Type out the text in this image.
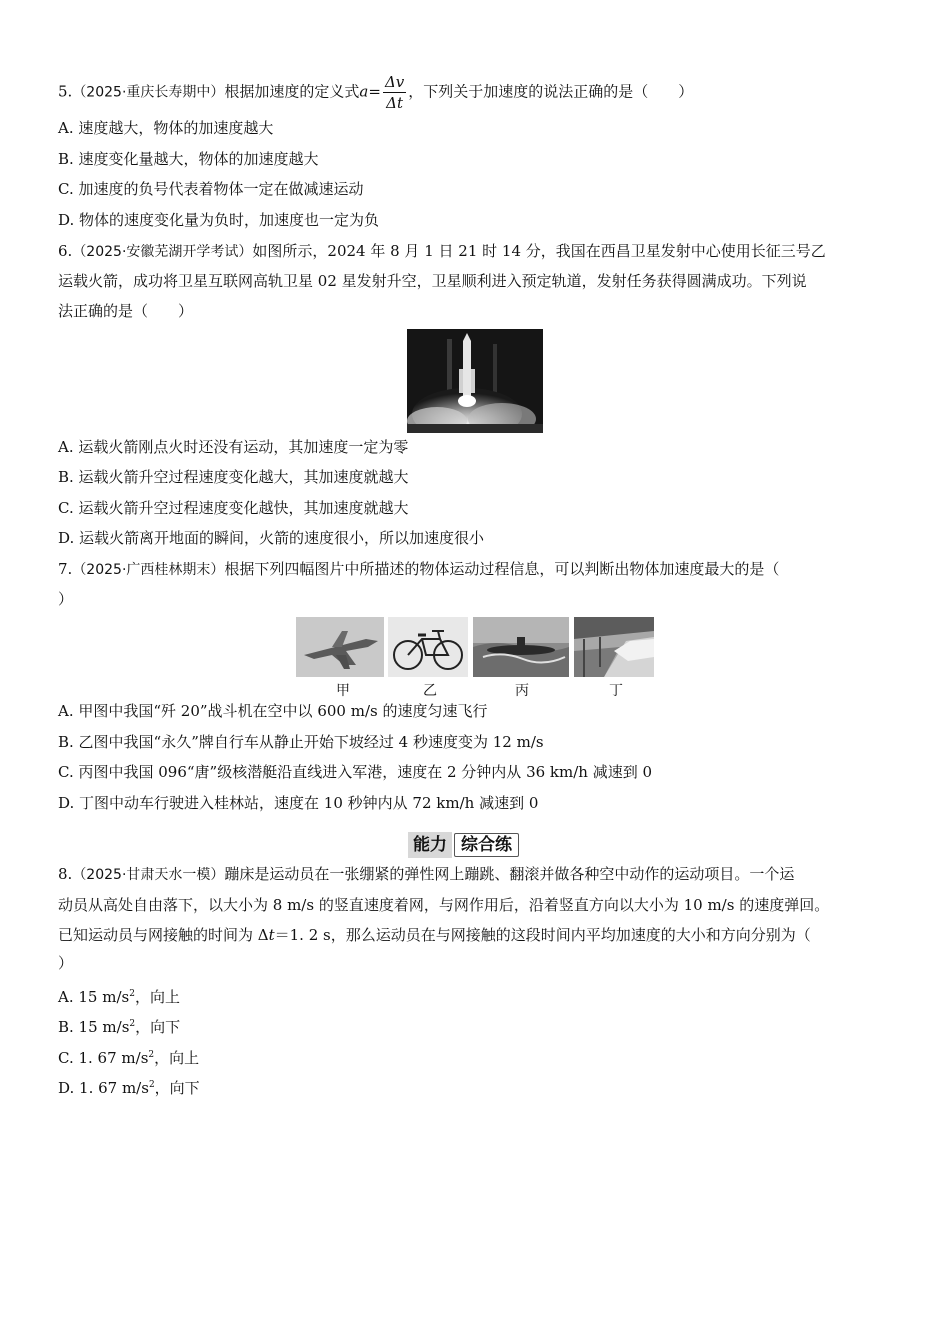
5.（2025·重庆长寿期中）根据加速度的定义式$a= \frac{\Delta v}{\Delta t}$ ，下列关于加速度的说法正确的是（　　）
A. 速度越大，物体的加速度越大
B. 速度变化量越大，物体的加速度越大
C. 加速度的负号代表着物体一定在做减速运动
D. 物体的速度变化量为负时，加速度也一定为负
6.（2025·安徽芜湖开学考试）如图所示，2024 年 8 月 1 日 21 时 14 分，我国在西昌卫星发射中心使用长征三号乙
运载火箭，成功将卫星互联网高轨卫星 02 星发射升空，卫星顺利进入预定轨道，发射任务获得圆满成功。下列说
法正确的是（　　）
A. 运载火箭刚点火时还没有运动，其加速度一定为零
B. 运载火箭升空过程速度变化越大，其加速度就越大
C. 运载火箭升空过程速度变化越快，其加速度就越大
D. 运载火箭离开地面的瞬间，火箭的速度很小，所以加速度很小
7.（2025·广西桂林期末）根据下列四幅图片中所描述的物体运动过程信息，可以判断出物体加速度最大的是（
）
甲	乙	丙	丁
A. 甲图中我国“歼 20”战斗机在空中以 600 m/s 的速度匀速飞行
B. 乙图中我国“永久”牌自行车从静止开始下坡经过 4 秒速度变为 12 m/s
C. 丙图中我国 096“唐”级核潜艇沿直线进入军港，速度在 2 分钟内从 36 km/h 减速到 0
D. 丁图中动车行驶进入桂林站，速度在 10 秒钟内从 72 km/h 减速到 0
能力 综合练
8.（2025·甘肃天水一模）蹦床是运动员在一张绷紧的弹性网上蹦跳、翻滚并做各种空中动作的运动项目。一个运
动员从高处自由落下，以大小为 8 m/s 的竖直速度着网，与网作用后，沿着竖直方向以大小为 10 m/s 的速度弹回。
已知运动员与网接触的时间为 Δt＝1. 2 s，那么运动员在与网接触的这段时间内平均加速度的大小和方向分别为（
）
A. 15 $m/s^2$，向上
B. 15 $m/s^2$，向下
C. 1. 67 $m/s^2$，向上
D. 1. 67 $m/s^2$，向下
